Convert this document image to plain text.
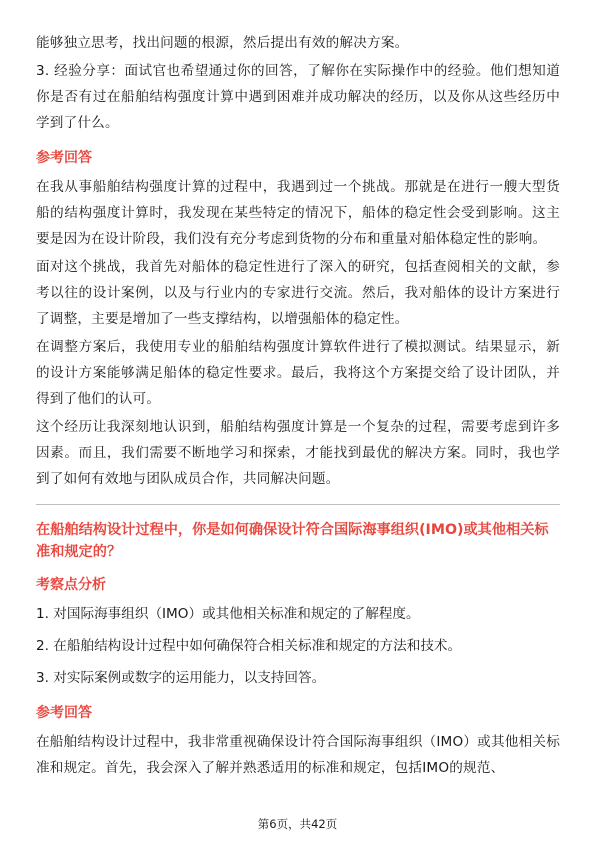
能够独立思考，找出问题的根源，然后提出有效的解决方案。

3. 经验分享：面试官也希望通过你的回答，了解你在实际操作中的经验。他们想知道你是否有过在船舶结构强度计算中遇到困难并成功解决的经历，以及你从这些经历中学到了什么。

参考回答

在我从事船舶结构强度计算的过程中，我遇到过一个挑战。那就是在进行一艘大型货船的结构强度计算时，我发现在某些特定的情况下，船体的稳定性会受到影响。这主要是因为在设计阶段，我们没有充分考虑到货物的分布和重量对船体稳定性的影响。

面对这个挑战，我首先对船体的稳定性进行了深入的研究，包括查阅相关的文献，参考以往的设计案例，以及与行业内的专家进行交流。然后，我对船体的设计方案进行了调整，主要是增加了一些支撑结构，以增强船体的稳定性。

在调整方案后，我使用专业的船舶结构强度计算软件进行了模拟测试。结果显示，新的设计方案能够满足船体的稳定性要求。最后，我将这个方案提交给了设计团队，并得到了他们的认可。

这个经历让我深刻地认识到，船舶结构强度计算是一个复杂的过程，需要考虑到许多因素。而且，我们需要不断地学习和探索，才能找到最优的解决方案。同时，我也学到了如何有效地与团队成员合作，共同解决问题。

在船舶结构设计过程中，你是如何确保设计符合国际海事组织(IMO)或其他相关标准和规定的？
考察点分析
1. 对国际海事组织（IMO）或其他相关标准和规定的了解程度。
2. 在船舶结构设计过程中如何确保符合相关标准和规定的方法和技术。
3. 对实际案例或数字的运用能力，以支持回答。
参考回答

在船舶结构设计过程中，我非常重视确保设计符合国际海事组织（IMO）或其他相关标准和规定。首先，我会深入了解并熟悉适用的标准和规定，包括IMO的规范、

第6页，共42页
